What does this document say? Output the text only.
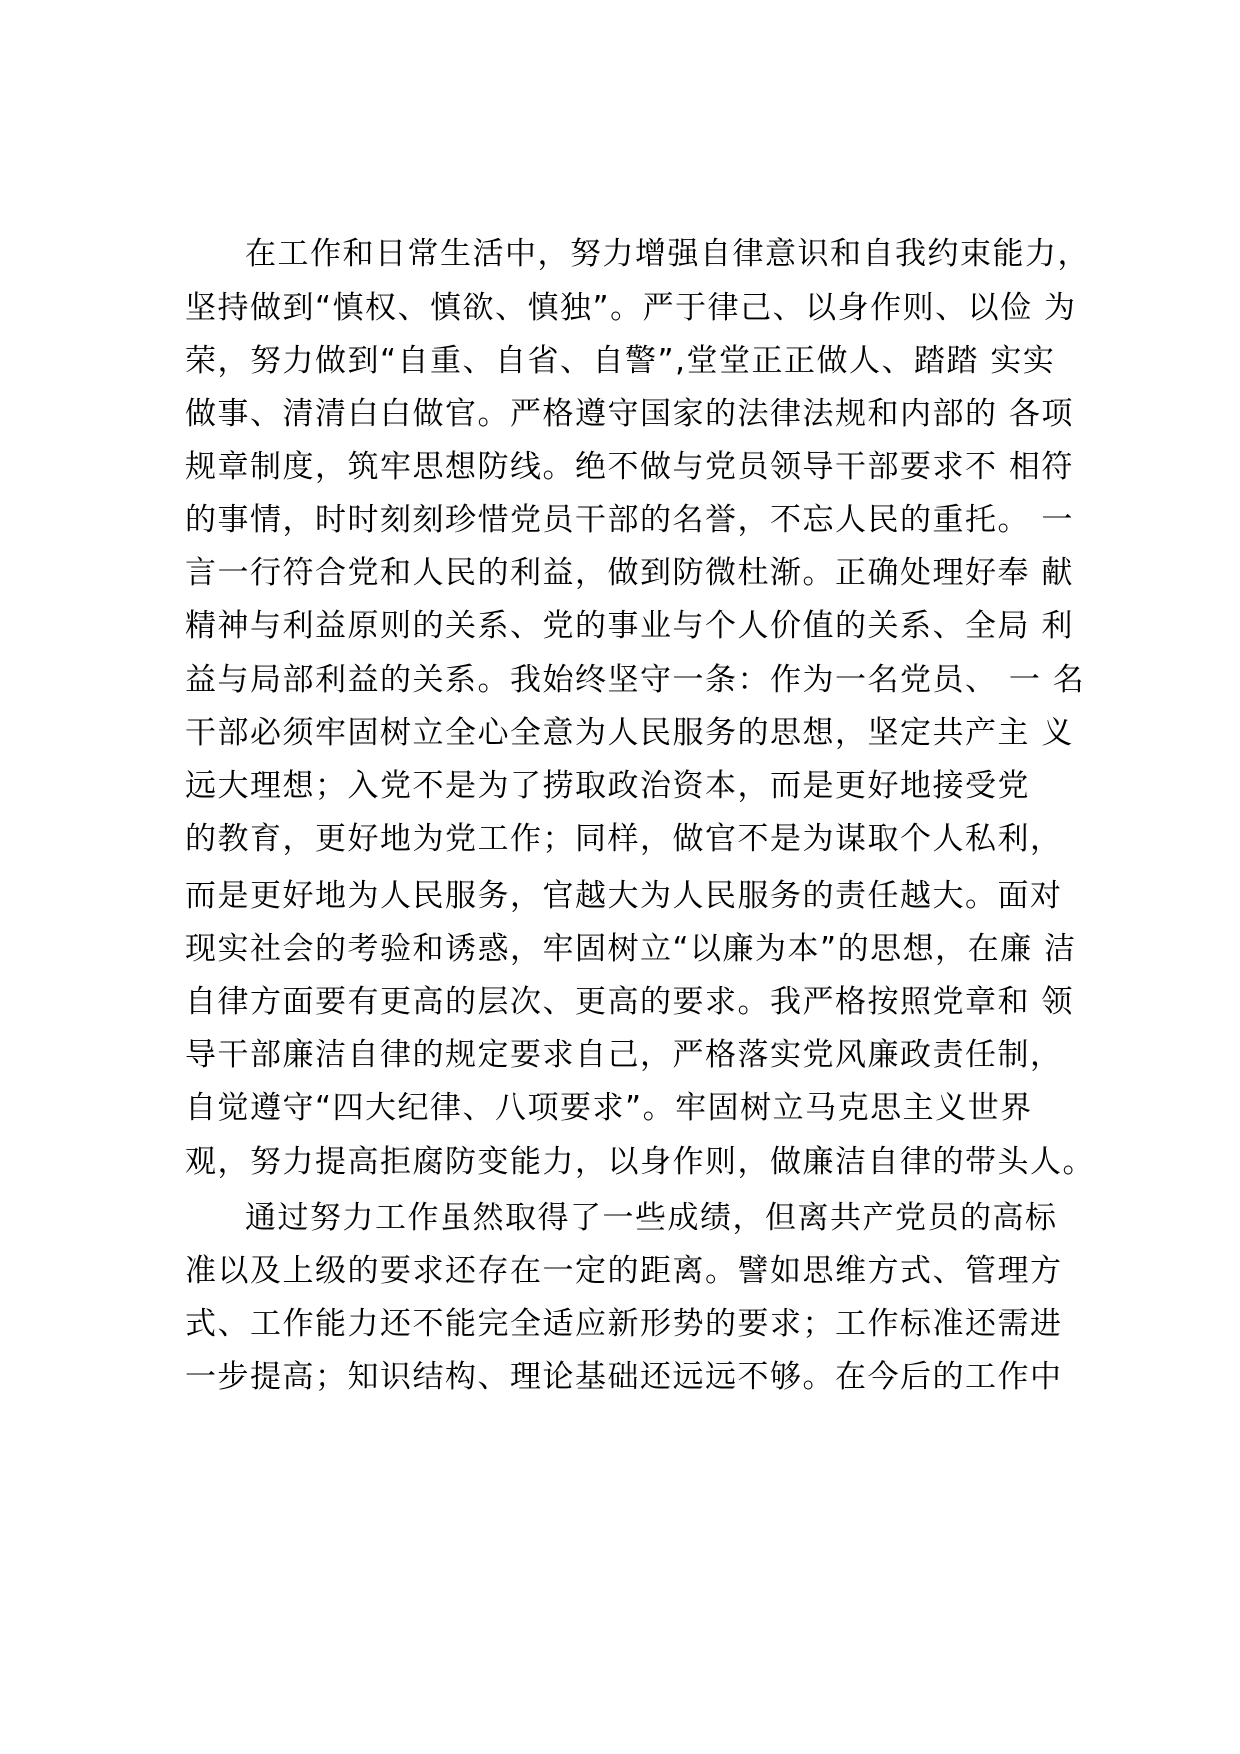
在工作和日常生活中，努力增强自律意识和自我约束能力，
坚持做到“慎权、慎欲、慎独”。严于律己、以身作则、以俭 为
荣，努力做到“自重、自省、自警”,堂堂正正做人、踏踏 实实
做事、清清白白做官。严格遵守国家的法律法规和内部的 各项
规章制度，筑牢思想防线。绝不做与党员领导干部要求不 相符
的事情，时时刻刻珍惜党员干部的名誉，不忘人民的重托。 一
言一行符合党和人民的利益，做到防微杜渐。正确处理好奉 献
精神与利益原则的关系、党的事业与个人价值的关系、全局 利
益与局部利益的关系。我始终坚守一条：作为一名党员、 一 名
干部必须牢固树立全心全意为人民服务的思想，坚定共产主 义
远大理想；入党不是为了捞取政治资本，而是更好地接受党
的教育，更好地为党工作；同样，做官不是为谋取个人私利，
而是更好地为人民服务，官越大为人民服务的责任越大。面对
现实社会的考验和诱惑，牢固树立“以廉为本”的思想，在廉 洁
自律方面要有更高的层次、更高的要求。我严格按照党章和 领
导干部廉洁自律的规定要求自己，严格落实党风廉政责任制，
自觉遵守“四大纪律、八项要求”。牢固树立马克思主义世界
观，努力提高拒腐防变能力，以身作则，做廉洁自律的带头人。
通过努力工作虽然取得了一些成绩，但离共产党员的高标
准以及上级的要求还存在一定的距离。譬如思维方式、管理方
式、工作能力还不能完全适应新形势的要求；工作标准还需进
一步提高；知识结构、理论基础还远远不够。在今后的工作中
